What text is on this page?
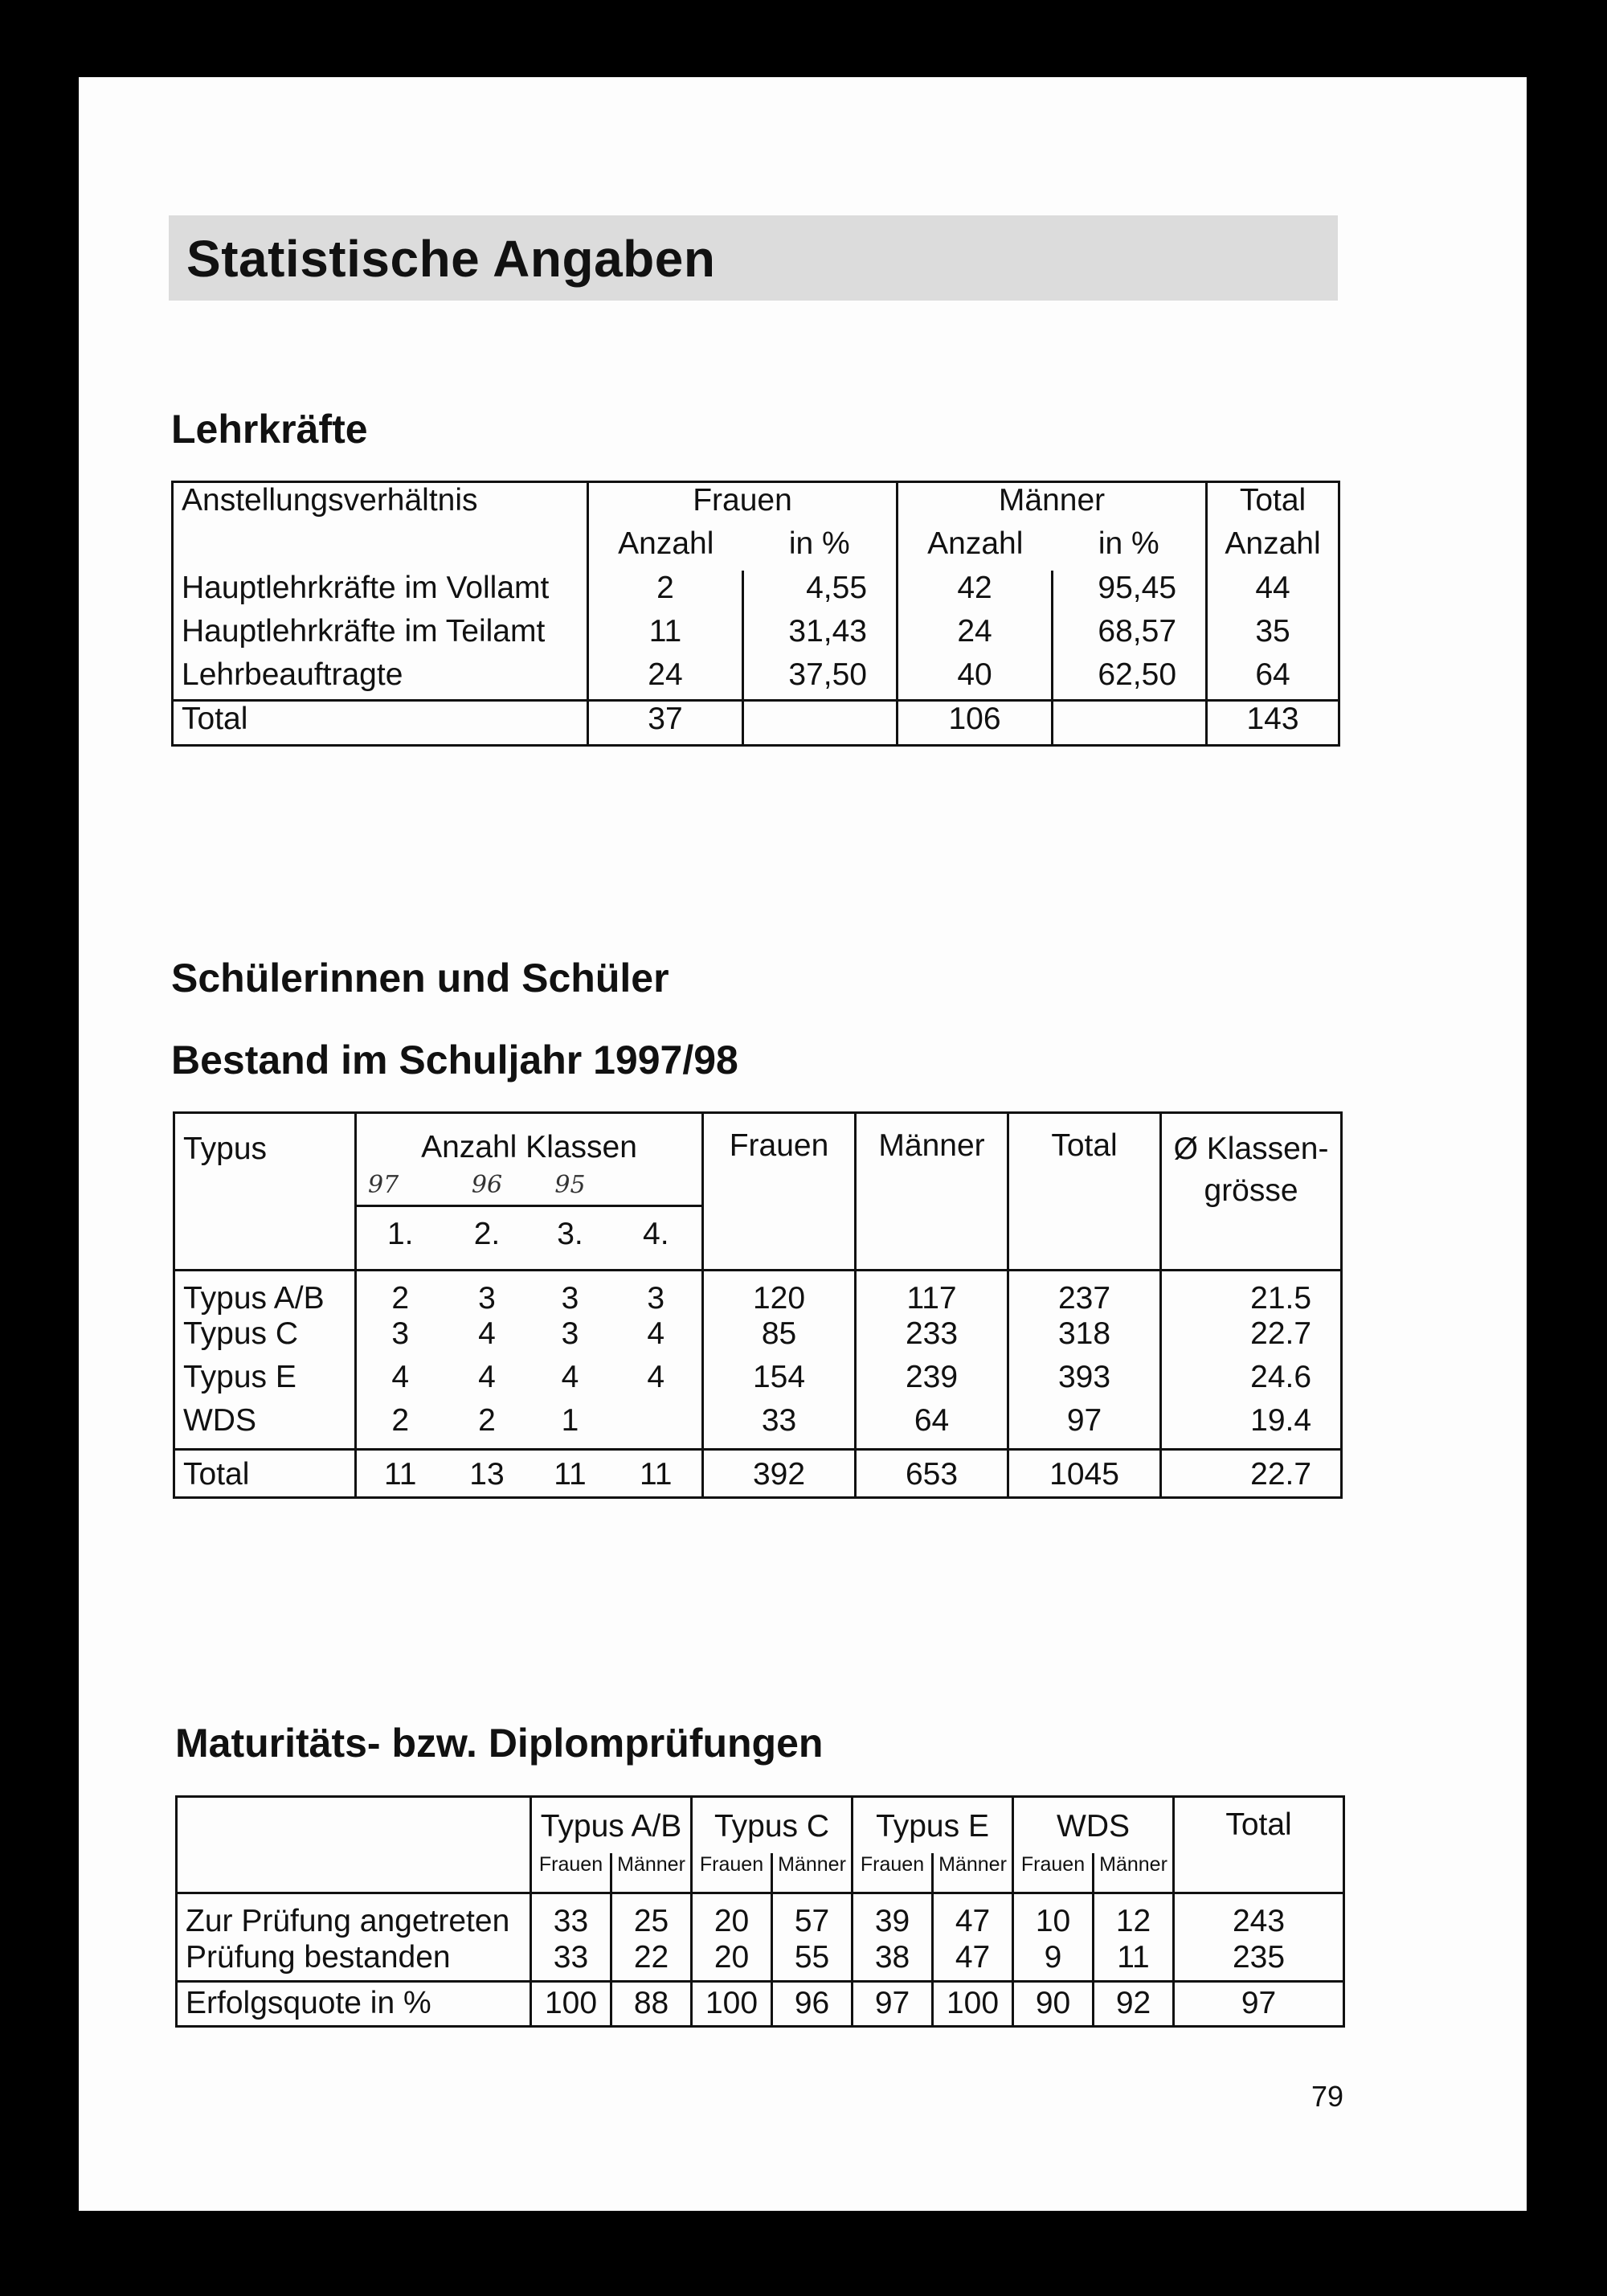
Statistische Angaben
Lehrkräfte
Anstellungsverhältnis	Frauen		Männer		Total
	Anzahl	in %	Anzahl	in %	Anzahl
Hauptlehrkräfte im Vollamt	2	4,55	42	95,45	44
Hauptlehrkräfte im Teilamt	11	31,43	24	68,57	35
Lehrbeauftragte	24	37,50	40	62,50	64
Total	37		106		143
Schülerinnen und Schüler
Bestand im Schuljahr 1997/98
Typus	Anzahl Klassen				Frauen	Männer	Total	Ø Klassen-
grösse

	97	96	95					
	1.	2.	3.	4.				
Typus A/B	2	3	3	3	120	117	237	21.5
Typus C	3	4	3	4	85	233	318	22.7
Typus E	4	4	4	4	154	239	393	24.6
WDS	2	2	1		33	64	97	19.4
Total	11	13	11	11	392	653	1045	22.7
Maturitäts- bzw. Diplomprüfungen
	Typus A/B		Typus C		Typus E		WDS		Total
	Frauen	Männer	Frauen	Männer	Frauen	Männer	Frauen	Männer	
Zur Prüfung angetreten	33	25	20	57	39	47	10	12	243
Prüfung bestanden	33	22	20	55	38	47	9	11	235
Erfolgsquote in %	100	88	100	96	97	100	90	92	97
79
